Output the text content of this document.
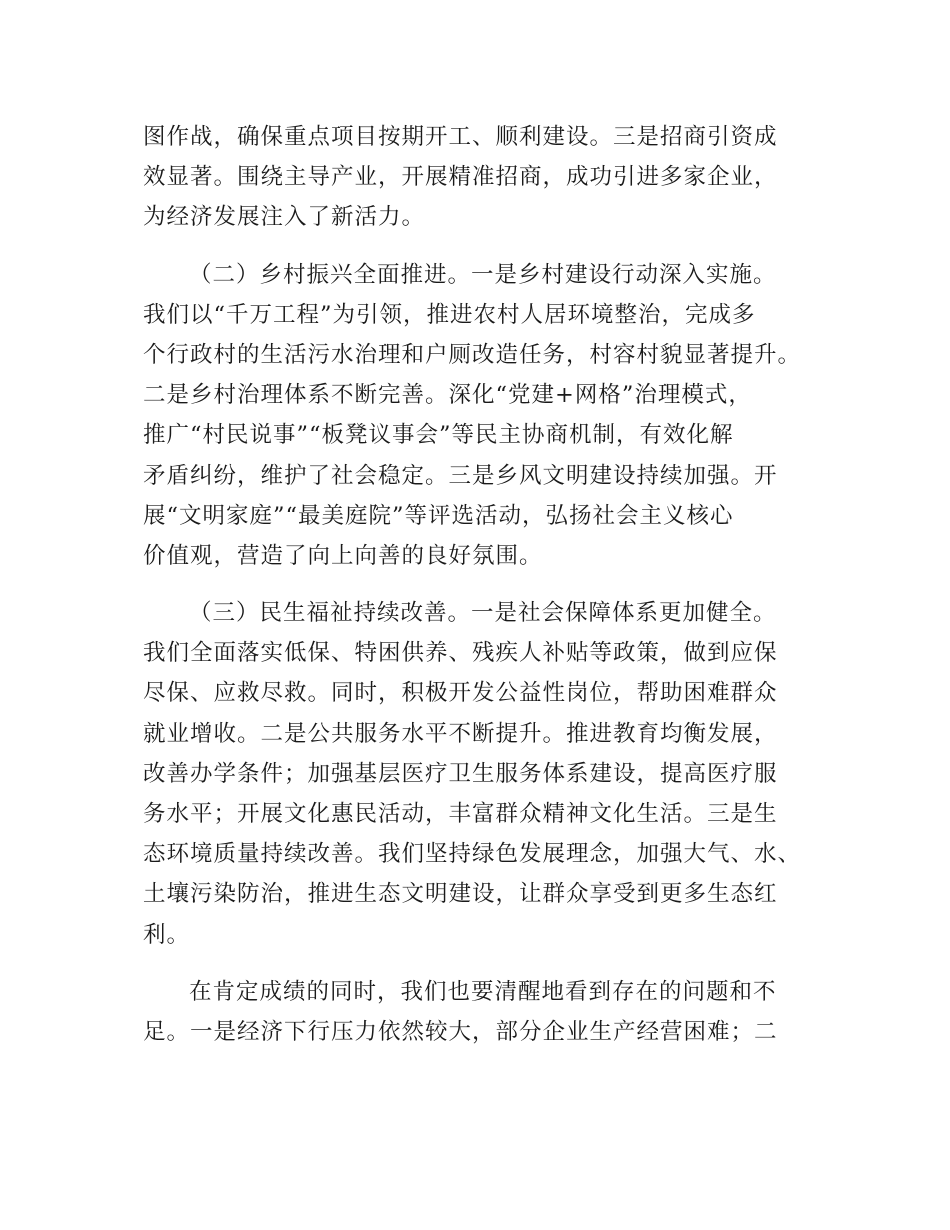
图作战，确保重点项目按期开工、顺利建设。三是招商引资成
效显著。围绕主导产业，开展精准招商，成功引进多家企业，
为经济发展注入了新活力。
（二）乡村振兴全面推进。一是乡村建设行动深入实施。
我们以“千万工程”为引领，推进农村人居环境整治，完成多
个行政村的生活污水治理和户厕改造任务，村容村貌显著提升。
二是乡村治理体系不断完善。深化“党建+网格”治理模式，
推广“村民说事”“板凳议事会”等民主协商机制，有效化解
矛盾纠纷，维护了社会稳定。三是乡风文明建设持续加强。开
展“文明家庭”“最美庭院”等评选活动，弘扬社会主义核心
价值观，营造了向上向善的良好氛围。
（三）民生福祉持续改善。一是社会保障体系更加健全。
我们全面落实低保、特困供养、残疾人补贴等政策，做到应保
尽保、应救尽救。同时，积极开发公益性岗位，帮助困难群众
就业增收。二是公共服务水平不断提升。推进教育均衡发展，
改善办学条件；加强基层医疗卫生服务体系建设，提高医疗服
务水平；开展文化惠民活动，丰富群众精神文化生活。三是生
态环境质量持续改善。我们坚持绿色发展理念，加强大气、水、
土壤污染防治，推进生态文明建设，让群众享受到更多生态红
利。
在肯定成绩的同时，我们也要清醒地看到存在的问题和不
足。一是经济下行压力依然较大，部分企业生产经营困难；二
